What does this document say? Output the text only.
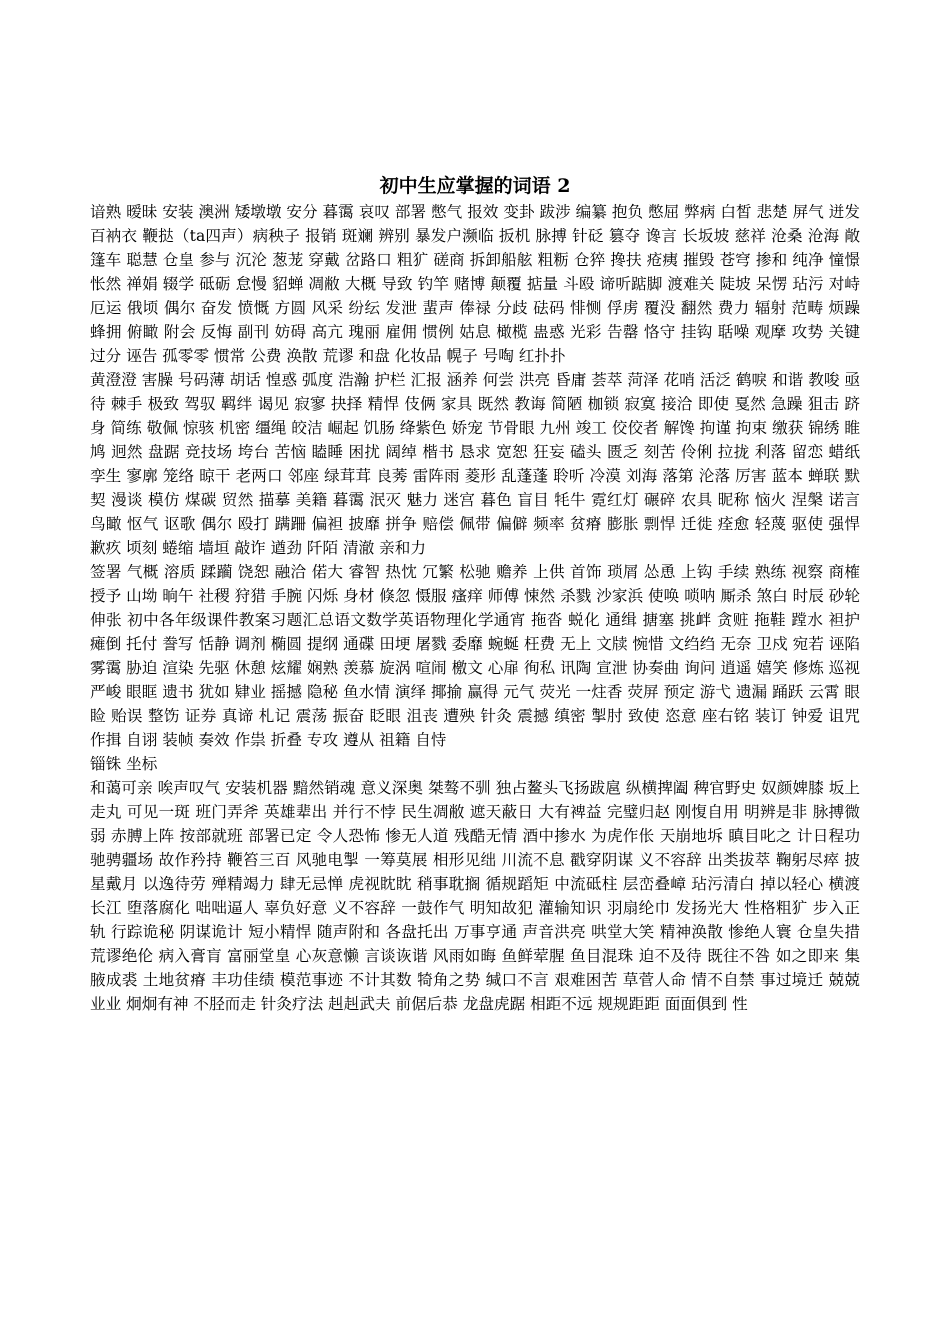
初中生应掌握的词语 2

谙熟 暧昧 安装 澳洲 矮墩墩 安分 暮霭 哀叹 部署 憋气 报效 变卦 跋涉 编纂 抱负 憋屈 弊病 白皙 悲楚 屏气 迸发 百衲衣 鞭挞（ta四声）病秧子 报销 斑斓 辨别 暴发户濒临 扳机 脉搏 针砭 篡夺 谗言 长坂坡 慈祥 沧桑 沧海 敞篷车 聪慧 仓皇 参与 沉沦 葱茏 穿戴 岔路口 粗犷 磋商 拆卸船舷 粗粝 仓猝 搀扶 疮痍 摧毁 苍穹 掺和 纯净 憧憬 怅然 禅娟 辍学 砥砺 怠慢 貂蝉 凋敝 大概 导致 钓竿 赌博 颠覆 掂量 斗殴 谛听踮脚 渡难关 陡坡 呆愣 玷污 对峙 厄运 俄顷 偶尔 奋发 愤慨 方圆 风采 纷纭 发泄 蜚声 俸禄 分歧 砝码 悱恻 俘虏 覆没 翻然 费力 辐射 范畴 烦躁 蜂拥 俯瞰 附会 反悔 副刊 妨碍 高亢 瑰丽 雇佣 惯例 姑息 橄榄 蛊惑 光彩 告罄 恪守 挂钩 聒噪 观摩 攻势 关键 过分 诬告 孤零零 惯常 公费 涣散 荒谬 和盘 化妆品 幌子 号啕 红扑扑

黄澄澄 害臊 号码薄 胡话 惶惑 弧度 浩瀚 护栏 汇报 涵养 何尝 洪亮 昏庸 荟萃 菏泽 花哨 活泛 鹤唳 和谐 教唆 亟待 棘手 极致 驾驭 羁绊 谒见 寂寥 抉择 精悍 伎俩 家具 既然 教诲 简陋 枷锁 寂寞 接洽 即使 戛然 急躁 狙击 跻身 简练 敬佩 惊骇 机密 缰绳 皎洁 崛起 饥肠 绛紫色 娇宠 节骨眼 九州 竣工 佼佼者 解馋 拘谨 拘束 缴获 锦绣 睢鸠 迥然 盘踞 竞技场 垮台 苦恼 瞌睡 困扰 阔绰 楷书 恳求 宽恕 狂妄 磕头 匮乏 刻苦 伶俐 拉拢 利落 留恋 蜡纸 孪生 寥廓 笼络 晾干 老两口 邻座 绿茸茸 良莠 雷阵雨 菱形 乱蓬蓬 聆听 冷漠 刘海 落第 沦落 厉害 蓝本 蝉联 默契 漫谈 模仿 煤碳 贸然 描摹 美籍 暮霭 泯灭 魅力 迷宫 暮色 盲目 牦牛 霓红灯 碾碎 农具 昵称 恼火 涅槃 诺言 鸟瞰 怄气 讴歌 偶尔 殴打 蹒跚 偏袒 披靡 拼争 赔偿 佩带 偏僻 频率 贫瘠 膨胀 剽悍 迁徙 痊愈 轻蔑 驱使 强悍 歉疚 顷刻 蜷缩 墙垣 敲诈 遒劲 阡陌 清澈 亲和力

签署 气概 溶质 蹂躏 饶恕 融洽 偌大 睿智 热忱 冗繁 松驰 赡养 上供 首饰 琐屑 怂恿 上钩 手续 熟练 视察 商榷 授予 山坳 晌午 社稷 狩猎 手腕 闪烁 身材 倏忽 慑服 瘙痒 师傅 悚然 杀戮 沙家浜 使唤 唢呐 厮杀 煞白 时辰 砂轮 伸张 初中各年级课件教案习题汇总语文数学英语物理化学通宵 拖沓 蜕化 通缉 搪塞 挑衅 贪赃 拖鞋 蹚水 袒护 瘫倒 托付 誊写 恬静 调剂 椭圆 提纲 通碟 田埂 屠戮 委靡 蜿蜒 枉费 无上 文牍 惋惜 文绉绉 无奈 卫戍 宛若 诬陷 雾霭 胁迫 渲染 先驱 休憩 炫耀 娴熟 羡慕 旋涡 喧闹 檄文 心扉 徇私 讯陶 宣泄 协奏曲 询问 逍遥 嬉笑 修炼 巡视 严峻 眼眶 遗书 犹如 肄业 摇撼 隐秘 鱼水情 演绎 揶揄 赢得 元气 荧光 一炷香 荧屏 预定 游弋 遗漏 踊跃 云霄 眼睑 贻误 整饬 证券 真谛 札记 震荡 振奋 眨眼 沮丧 遭殃 针灸 震撼 缜密 掣肘 致使 恣意 座右铭 装订 钟爱 诅咒 作揖 自诩 装帧 奏效 作祟 折叠 专攻 遵从 祖籍 自恃

锱铢 坐标

和蔼可亲 唉声叹气 安装机器 黯然销魂 意义深奥 桀骜不驯 独占鳌头飞扬跋扈 纵横捭阖 稗官野史 奴颜婢膝 坂上走丸 可见一斑 班门弄斧 英雄辈出 并行不悖 民生凋敝 遮天蔽日 大有裨益 完璧归赵 刚愎自用 明辨是非 脉搏微弱 赤膊上阵 按部就班 部署已定 令人恐怖 惨无人道 残酷无情 酒中掺水 为虎作伥 天崩地坼 瞋目叱之 计日程功 驰骋疆场 故作矜持 鞭笞三百 风驰电掣 一筹莫展 相形见绌 川流不息 戳穿阴谋 义不容辞 出类拔萃 鞠躬尽瘁 披星戴月 以逸待劳 殚精竭力 肆无忌惮 虎视眈眈 稍事耽搁 循规蹈矩 中流砥柱 层峦叠嶂 玷污清白 掉以轻心 横渡长江 堕落腐化 咄咄逼人 辜负好意 义不容辞 一鼓作气 明知故犯 灌输知识 羽扇纶巾 发扬光大 性格粗犷 步入正轨 行踪诡秘 阴谋诡计 短小精悍 随声附和 各盘托出 万事亨通 声音洪亮 哄堂大笑 精神涣散 惨绝人寰 仓皇失措 荒谬绝伦 病入膏肓 富丽堂皇 心灰意懒 言谈诙谐 风雨如晦 鱼鲜荤腥 鱼目混珠 迫不及待 既往不咎 如之即来 集腋成裘 土地贫瘠 丰功佳绩 模范事迹 不计其数 犄角之势 缄口不言 艰难困苦 草菅人命 情不自禁 事过境迁 兢兢业业 炯炯有神 不胫而走 针灸疗法 赳赳武夫 前倨后恭 龙盘虎踞 相距不远 规规距距 面面俱到 性
